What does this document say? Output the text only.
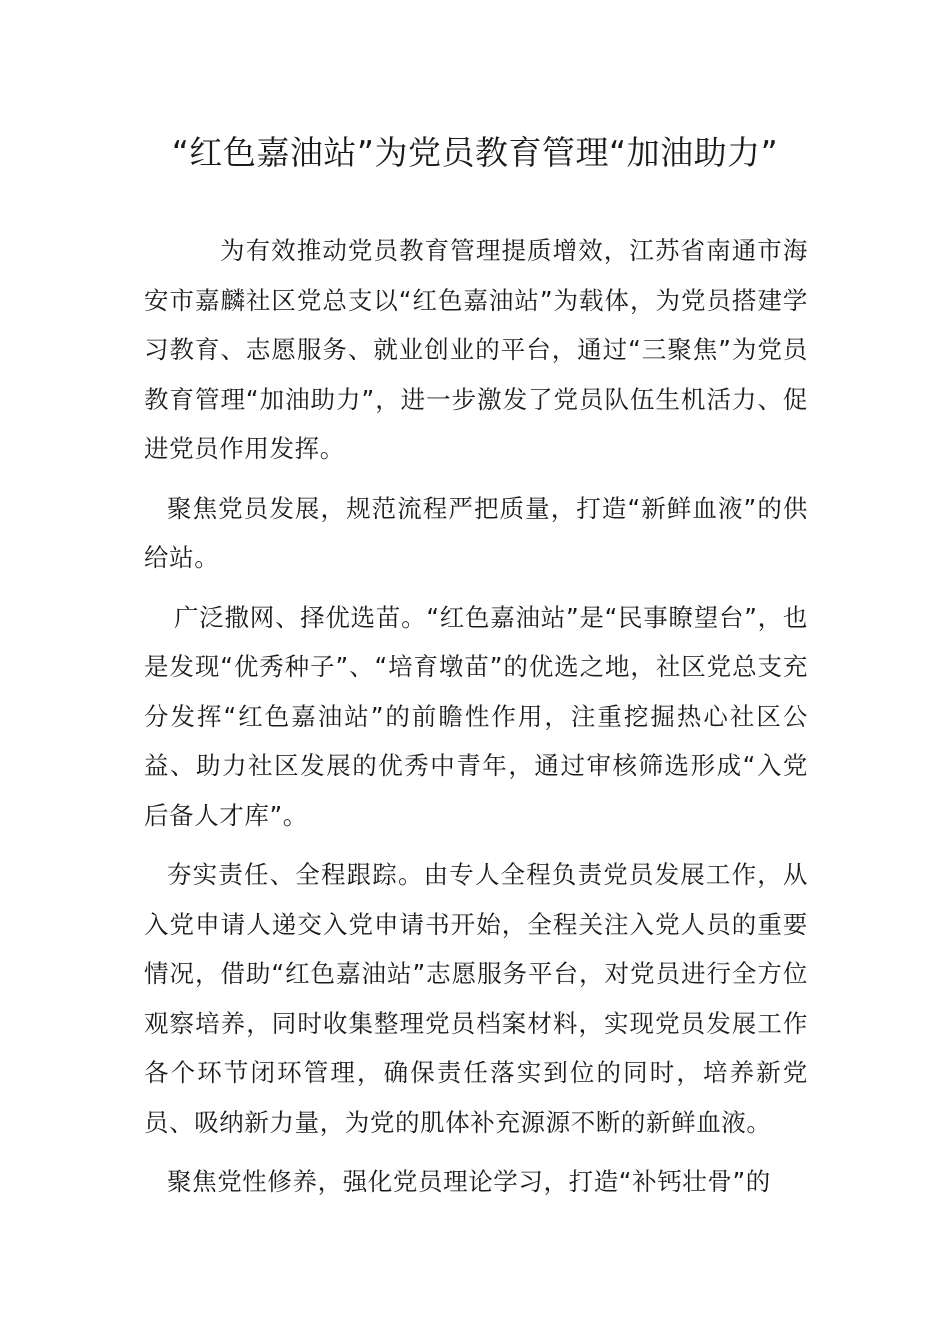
“红色嘉油站”为党员教育管理“加油助力”

为有效推动党员教育管理提质增效，江苏省南通市海安市嘉麟社区党总支以“红色嘉油站”为载体，为党员搭建学习教育、志愿服务、就业创业的平台，通过“三聚焦”为党员教育管理“加油助力”，进一步激发了党员队伍生机活力、促进党员作用发挥。

聚焦党员发展，规范流程严把质量，打造“新鲜血液”的供给站。

广泛撒网、择优选苗。“红色嘉油站”是“民事瞭望台”，也是发现“优秀种子”、“培育墩苗”的优选之地，社区党总支充分发挥“红色嘉油站”的前瞻性作用，注重挖掘热心社区公益、助力社区发展的优秀中青年，通过审核筛选形成“入党后备人才库”。

夯实责任、全程跟踪。由专人全程负责党员发展工作，从入党申请人递交入党申请书开始，全程关注入党人员的重要情况，借助“红色嘉油站”志愿服务平台，对党员进行全方位观察培养，同时收集整理党员档案材料，实现党员发展工作各个环节闭环管理，确保责任落实到位的同时，培养新党员、吸纳新力量，为党的肌体补充源源不断的新鲜血液。

聚焦党性修养，强化党员理论学习，打造“补钙壮骨”的
